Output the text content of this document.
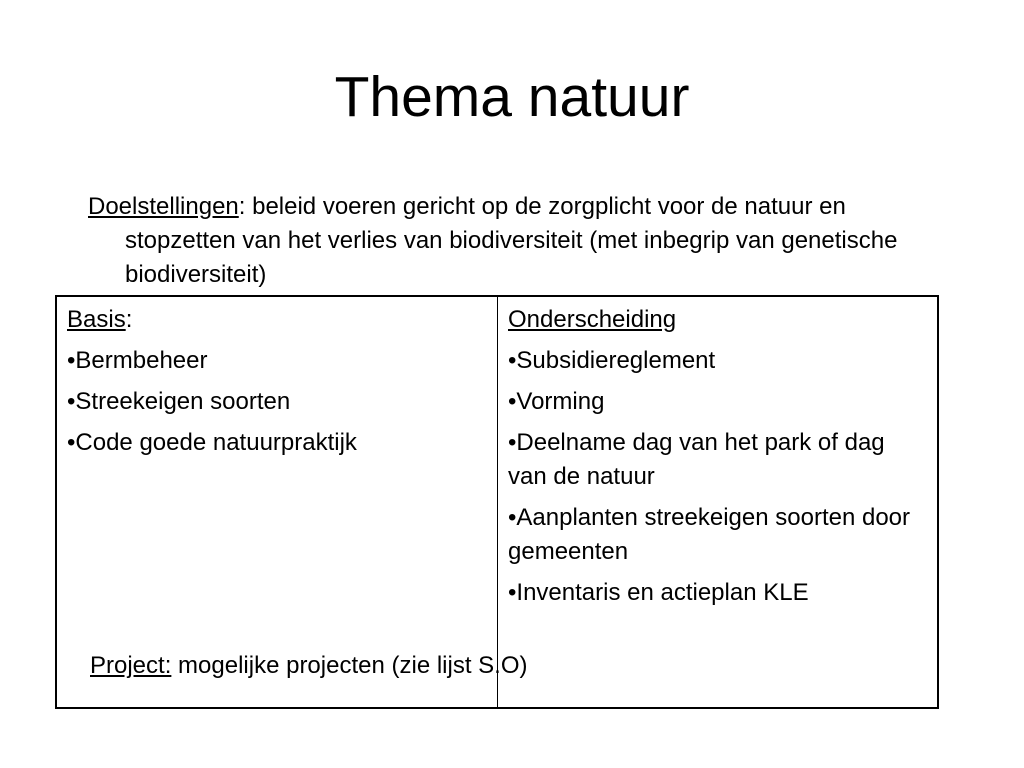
Thema natuur
Doelstellingen: beleid voeren gericht op de zorgplicht voor de natuur en stopzetten van het verlies van biodiversiteit (met inbegrip van genetische biodiversiteit)

Basis:

•Bermbeheer

•Streekeigen soorten

•Code goede natuurpraktijk

Onderscheiding

•Subsidiereglement

•Vorming

•Deelname dag van het park of dag van de natuur

•Aanplanten streekeigen soorten door gemeenten

•Inventaris en actieplan KLE

Project: mogelijke projecten (zie lijst S.O)
